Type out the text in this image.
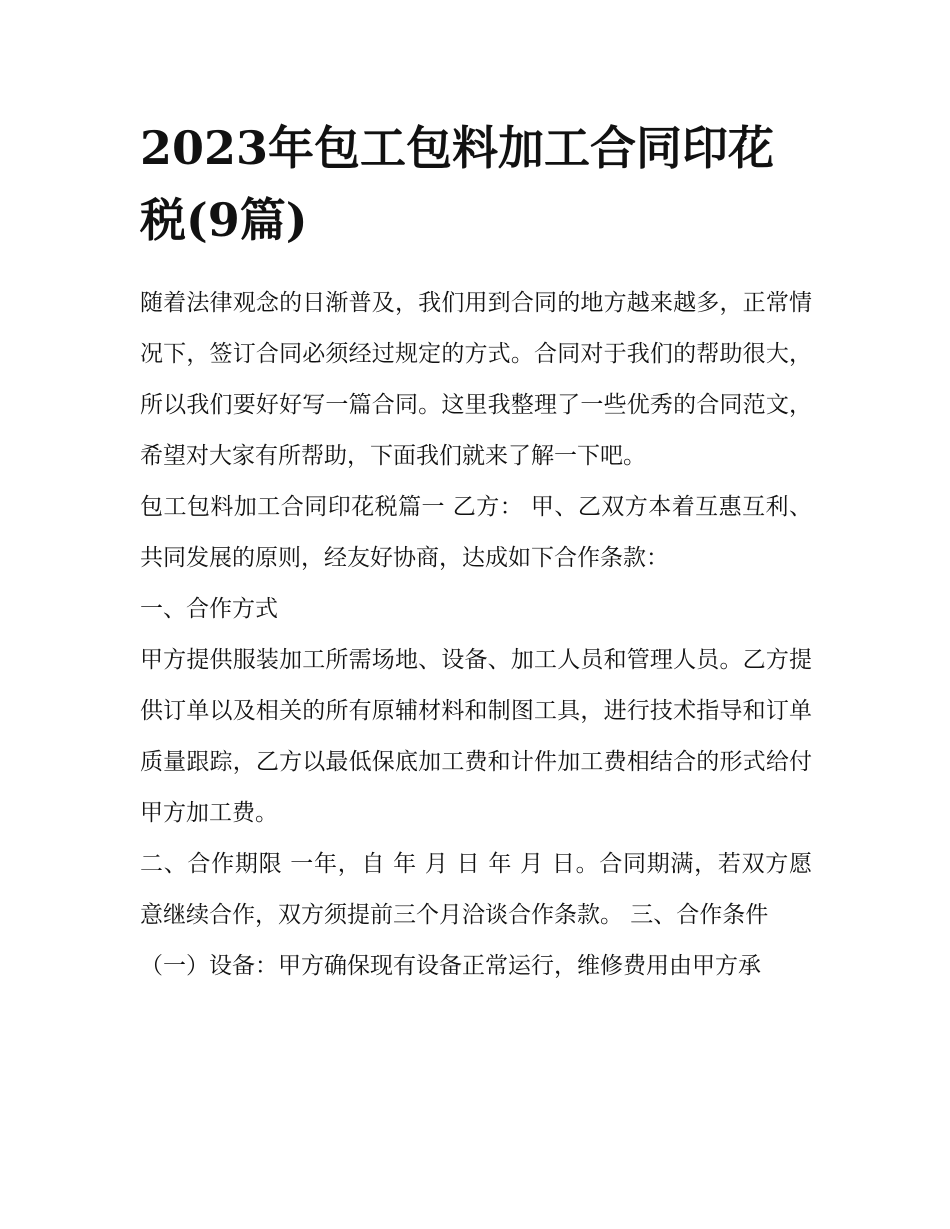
2023年包工包料加工合同印花税(9篇)

随着法律观念的日渐普及，我们用到合同的地方越来越多，正常情况下，签订合同必须经过规定的方式。合同对于我们的帮助很大，所以我们要好好写一篇合同。这里我整理了一些优秀的合同范文，希望对大家有所帮助，下面我们就来了解一下吧。

包工包料加工合同印花税篇一 乙方： 甲、乙双方本着互惠互利、共同发展的原则，经友好协商，达成如下合作条款：

一、合作方式

甲方提供服装加工所需场地、设备、加工人员和管理人员。乙方提供订单以及相关的所有原辅材料和制图工具，进行技术指导和订单质量跟踪，乙方以最低保底加工费和计件加工费相结合的形式给付甲方加工费。

二、合作期限 一年，自 年 月 日 年 月 日。合同期满，若双方愿意继续合作，双方须提前三个月洽谈合作条款。 三、合作条件

（一）设备：甲方确保现有设备正常运行，维修费用由甲方承
